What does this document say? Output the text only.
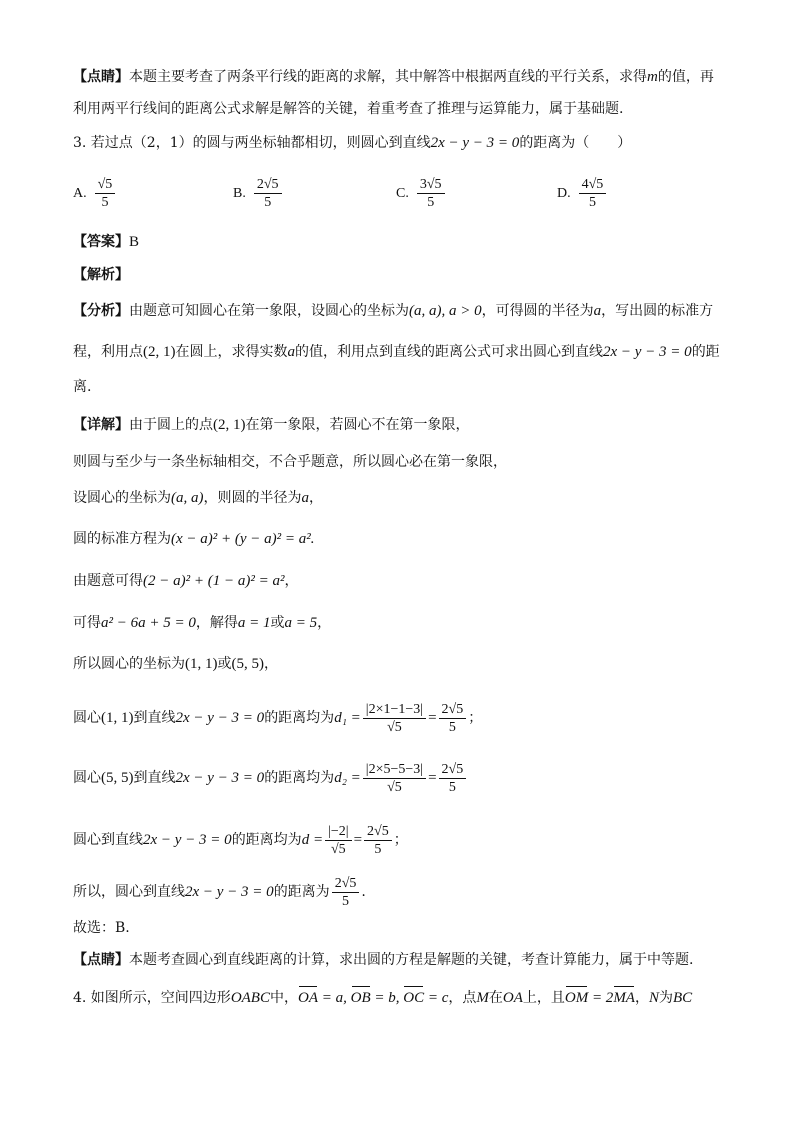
【点睛】本题主要考查了两条平行线的距离的求解，其中解答中根据两直线的平行关系，求得m的值，再
利用两平行线间的距离公式求解是解答的关键，着重考查了推理与运算能力，属于基础题.
3. 若过点（2，1）的圆与两坐标轴都相切，则圆心到直线2x − y − 3 = 0的距离为（　　）
A. $\frac{√5}{5}$	B. $\frac{2√5}{5}$	C. $\frac{3√5}{5}$	D. $\frac{4√5}{5}$
【答案】B
【解析】
【分析】由题意可知圆心在第一象限，设圆心的坐标为(a, a), a > 0，可得圆的半径为a，写出圆的标准方
程，利用点(2, 1)在圆上，求得实数a的值，利用点到直线的距离公式可求出圆心到直线2x − y − 3 = 0的距
离.
【详解】由于圆上的点(2, 1)在第一象限，若圆心不在第一象限，
则圆与至少与一条坐标轴相交，不合乎题意，所以圆心必在第一象限，
设圆心的坐标为(a, a)，则圆的半径为a，
圆的标准方程为(x − a)² + (y − a)² = a².
由题意可得(2 − a)² + (1 − a)² = a²，
可得a² − 6a + 5 = 0，解得a = 1或a = 5，
所以圆心的坐标为(1, 1)或(5, 5)，
圆心(1, 1)到直线2x − y − 3 = 0的距离均为$d_1 = \frac{|2\times 1-1-3|}{√5} = \frac{2√5}{5}$ ；
圆心(5, 5)到直线2x − y − 3 = 0的距离均为$d_2 = \frac{|2\times 5-5-3|}{√5} = \frac{2√5}{5}$
圆心到直线2x − y − 3 = 0的距离均为$d = \frac{|-2|}{√5} = \frac{2√5}{5}$ ；
所以，圆心到直线2x − y − 3 = 0的距离为 $\frac{2√5}{5}$ .
故选：B.
【点睛】本题考查圆心到直线距离的计算，求出圆的方程是解题的关键，考查计算能力，属于中等题.
4. 如图所示，空间四边形OABC中，OA = a, OB = b, OC = c，点M在OA上，且OM = 2MA，N为BC
